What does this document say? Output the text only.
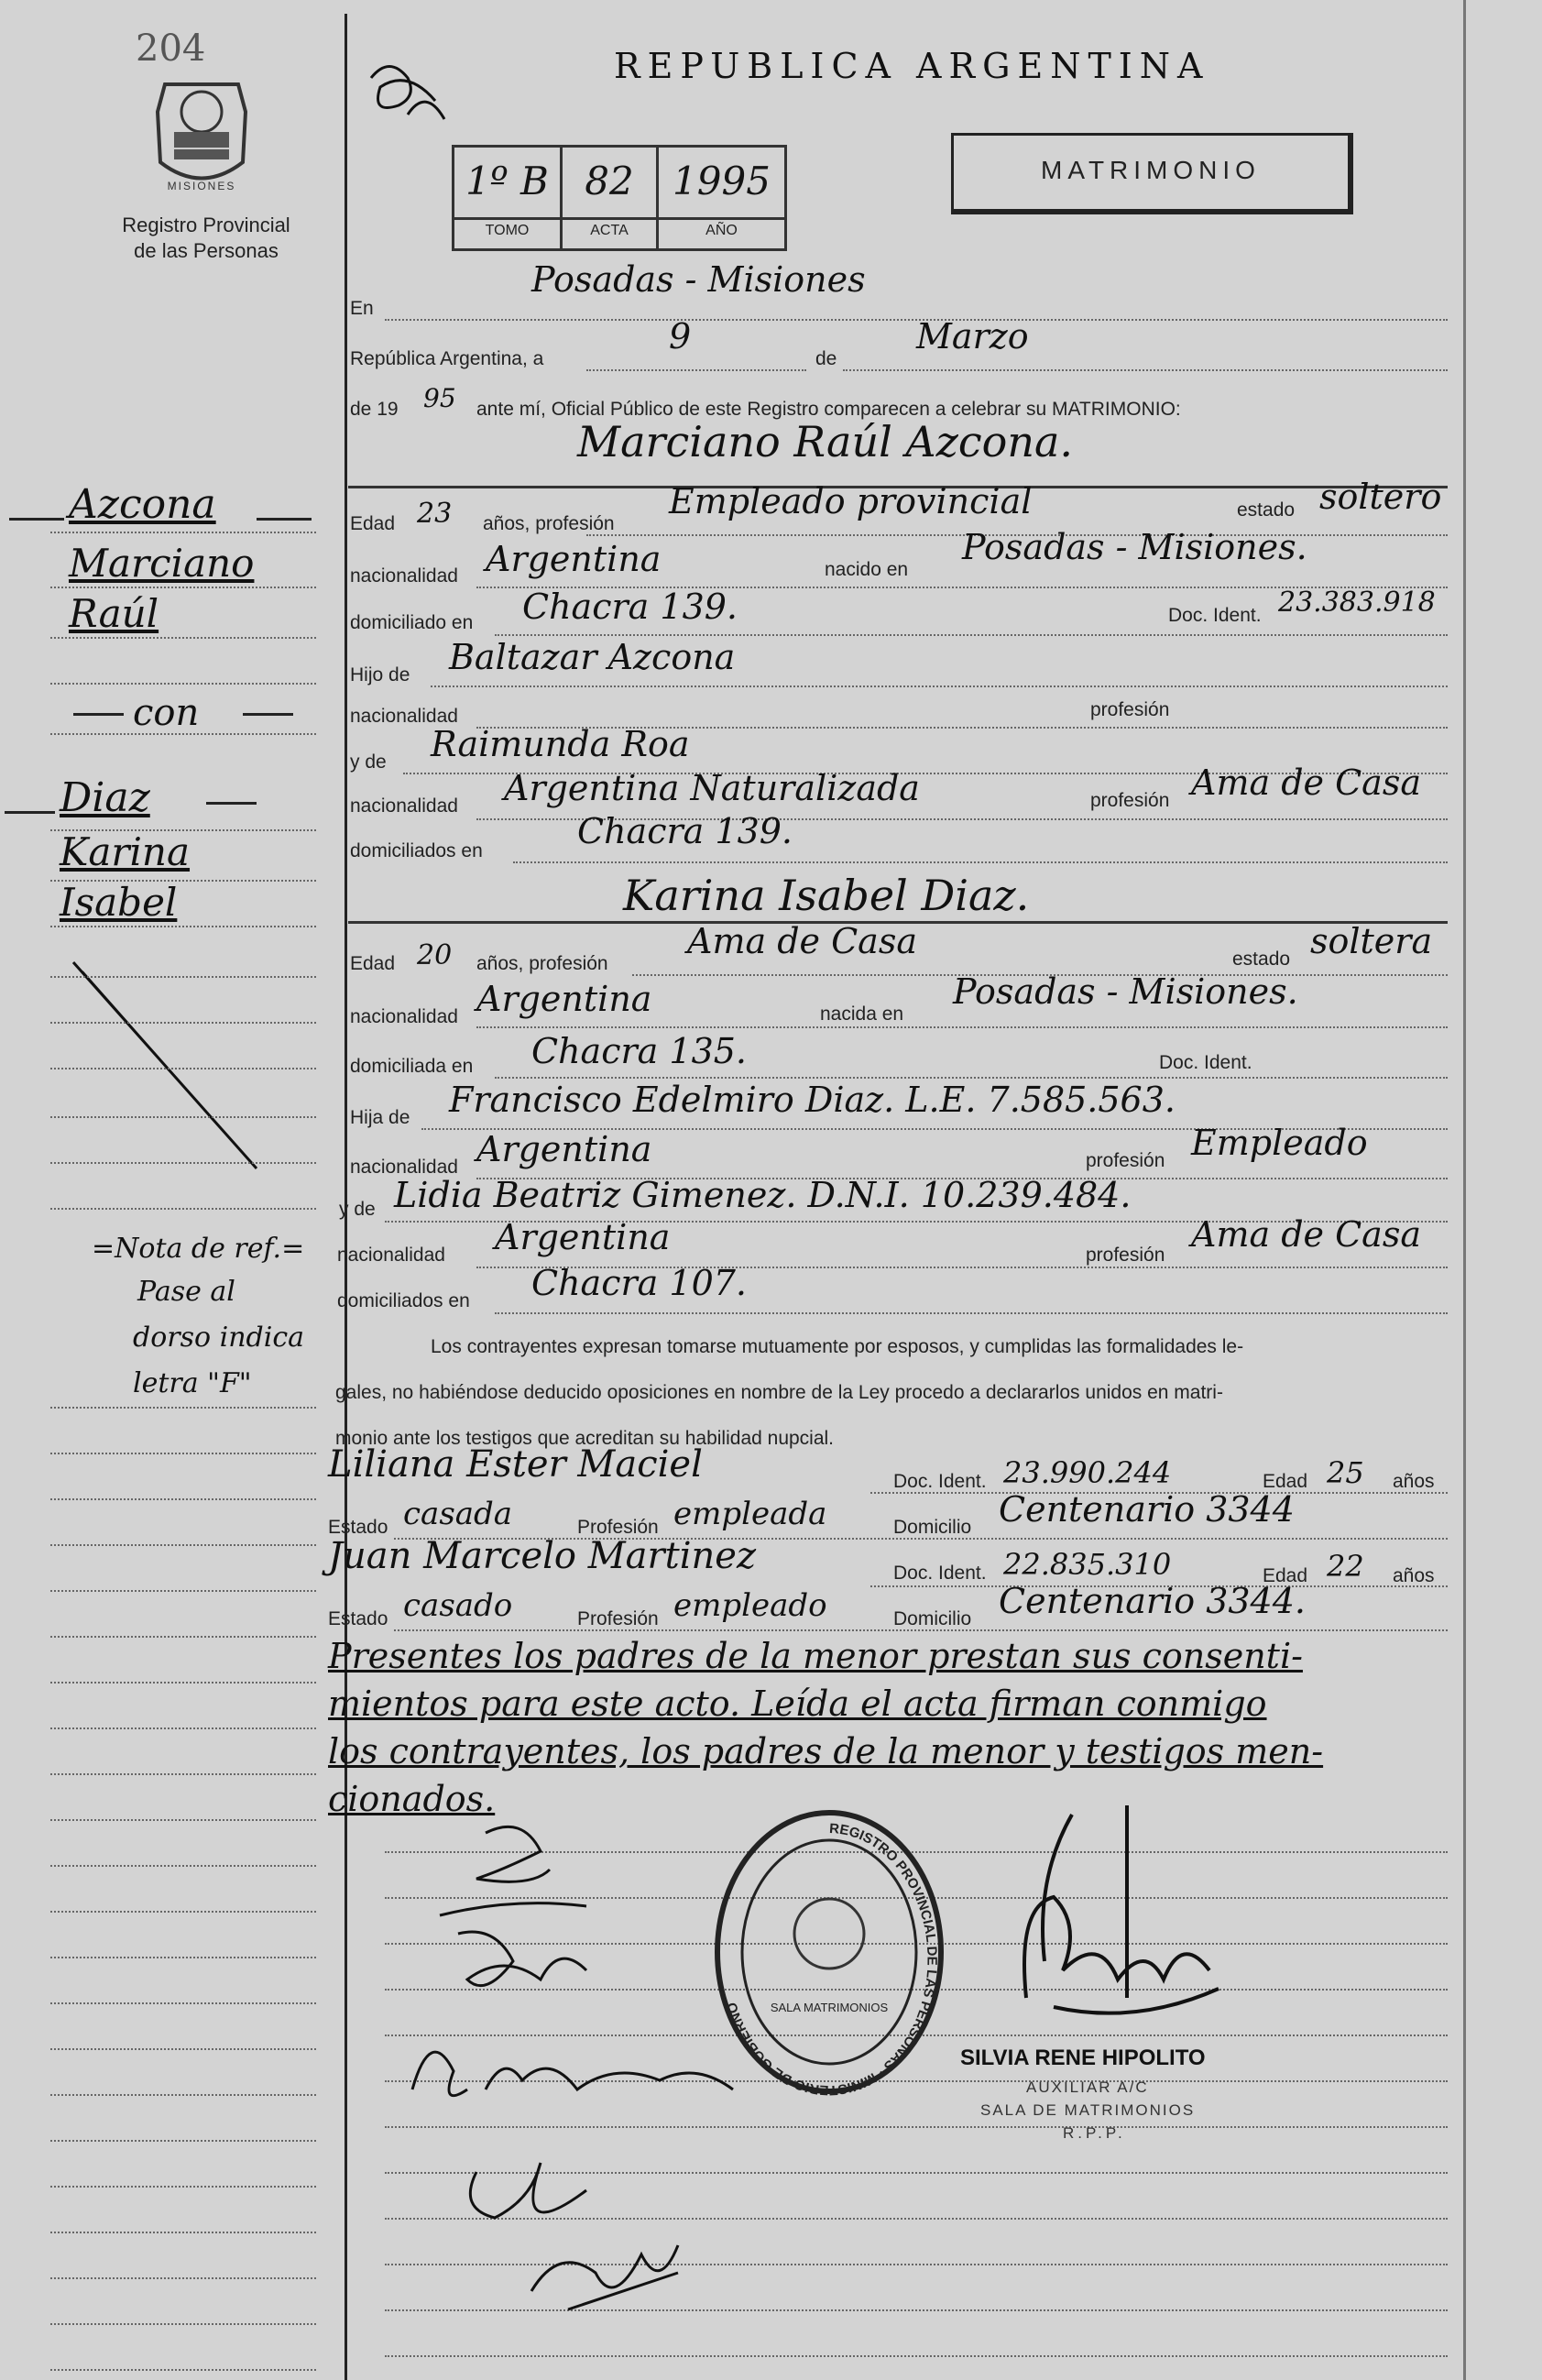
204
MISIONES
Registro Provincial
de las Personas
REPUBLICA ARGENTINA
1º B 82	1995
TOMO	ACTA	AÑO
MATRIMONIO
En
Posadas - Misiones
República Argentina, a
9
de
Marzo
de 19 95 ante mí, Oficial Público de este Registro comparecen a celebrar su MATRIMONIO:
Marciano Raúl Azcona.
Edad 23 años, profesión
Empleado provincial	estado soltero
nacionalidad Argentina	nacido en
Posadas - Misiones.
domiciliado en Chacra 139.	Doc. Ident. 23.383.918
Hijo de Baltazar Azcona
nacionalidad	profesión
y de Raimunda Roa
nacionalidad Argentina Naturalizada	profesión Ama de Casa
domiciliados en	Chacra 139.
Karina Isabel Diaz.
Edad 20 años, profesión
Ama de Casa	estado soltera
nacionalidad Argentina	nacida en
Posadas - Misiones.
domiciliada en Chacra 135.	Doc. Ident.
Hija de Francisco Edelmiro Diaz. L.E. 7.585.563.
nacionalidad Argentina	profesión Empleado
y de Lidia Beatriz Gimenez. D.N.I. 10.239.484.
nacionalidad Argentina	profesión
Ama de Casa
domiciliados en Chacra 107.
Los contrayentes expresan tomarse mutuamente por esposos, y cumplidas las formalidades le-
gales, no habiéndose deducido oposiciones en nombre de la Ley procedo a declararlos unidos en matri-
monio ante los testigos que acreditan su habilidad nupcial.
Liliana Ester Maciel	Doc. Ident. 23.990.244	Edad 25 años
Estado casada	Profesión empleada	Domicilio Centenario 3344
Juan Marcelo Martinez	Doc. Ident. 22.835.310	Edad 22 años
Estado casado	Profesión empleado	Domicilio Centenario 3344.
Presentes los padres de la menor prestan sus consenti-
mientos para este acto. Leída el acta firman conmigo
los contrayentes, los padres de la menor y testigos men-
cionados.
Azcona
Marciano
Raúl
con
Diaz
Karina
Isabel
=Nota de ref.=
Pase al
dorso indica
letra "F"
REGISTRO PROVINCIAL DE LAS PERSONAS · MINISTERIO DE GOBIERNO	SALA MATRIMONIOS
SILVIA RENE HIPOLITO
AUXILIAR A/C
SALA DE MATRIMONIOS
R.P.P.
